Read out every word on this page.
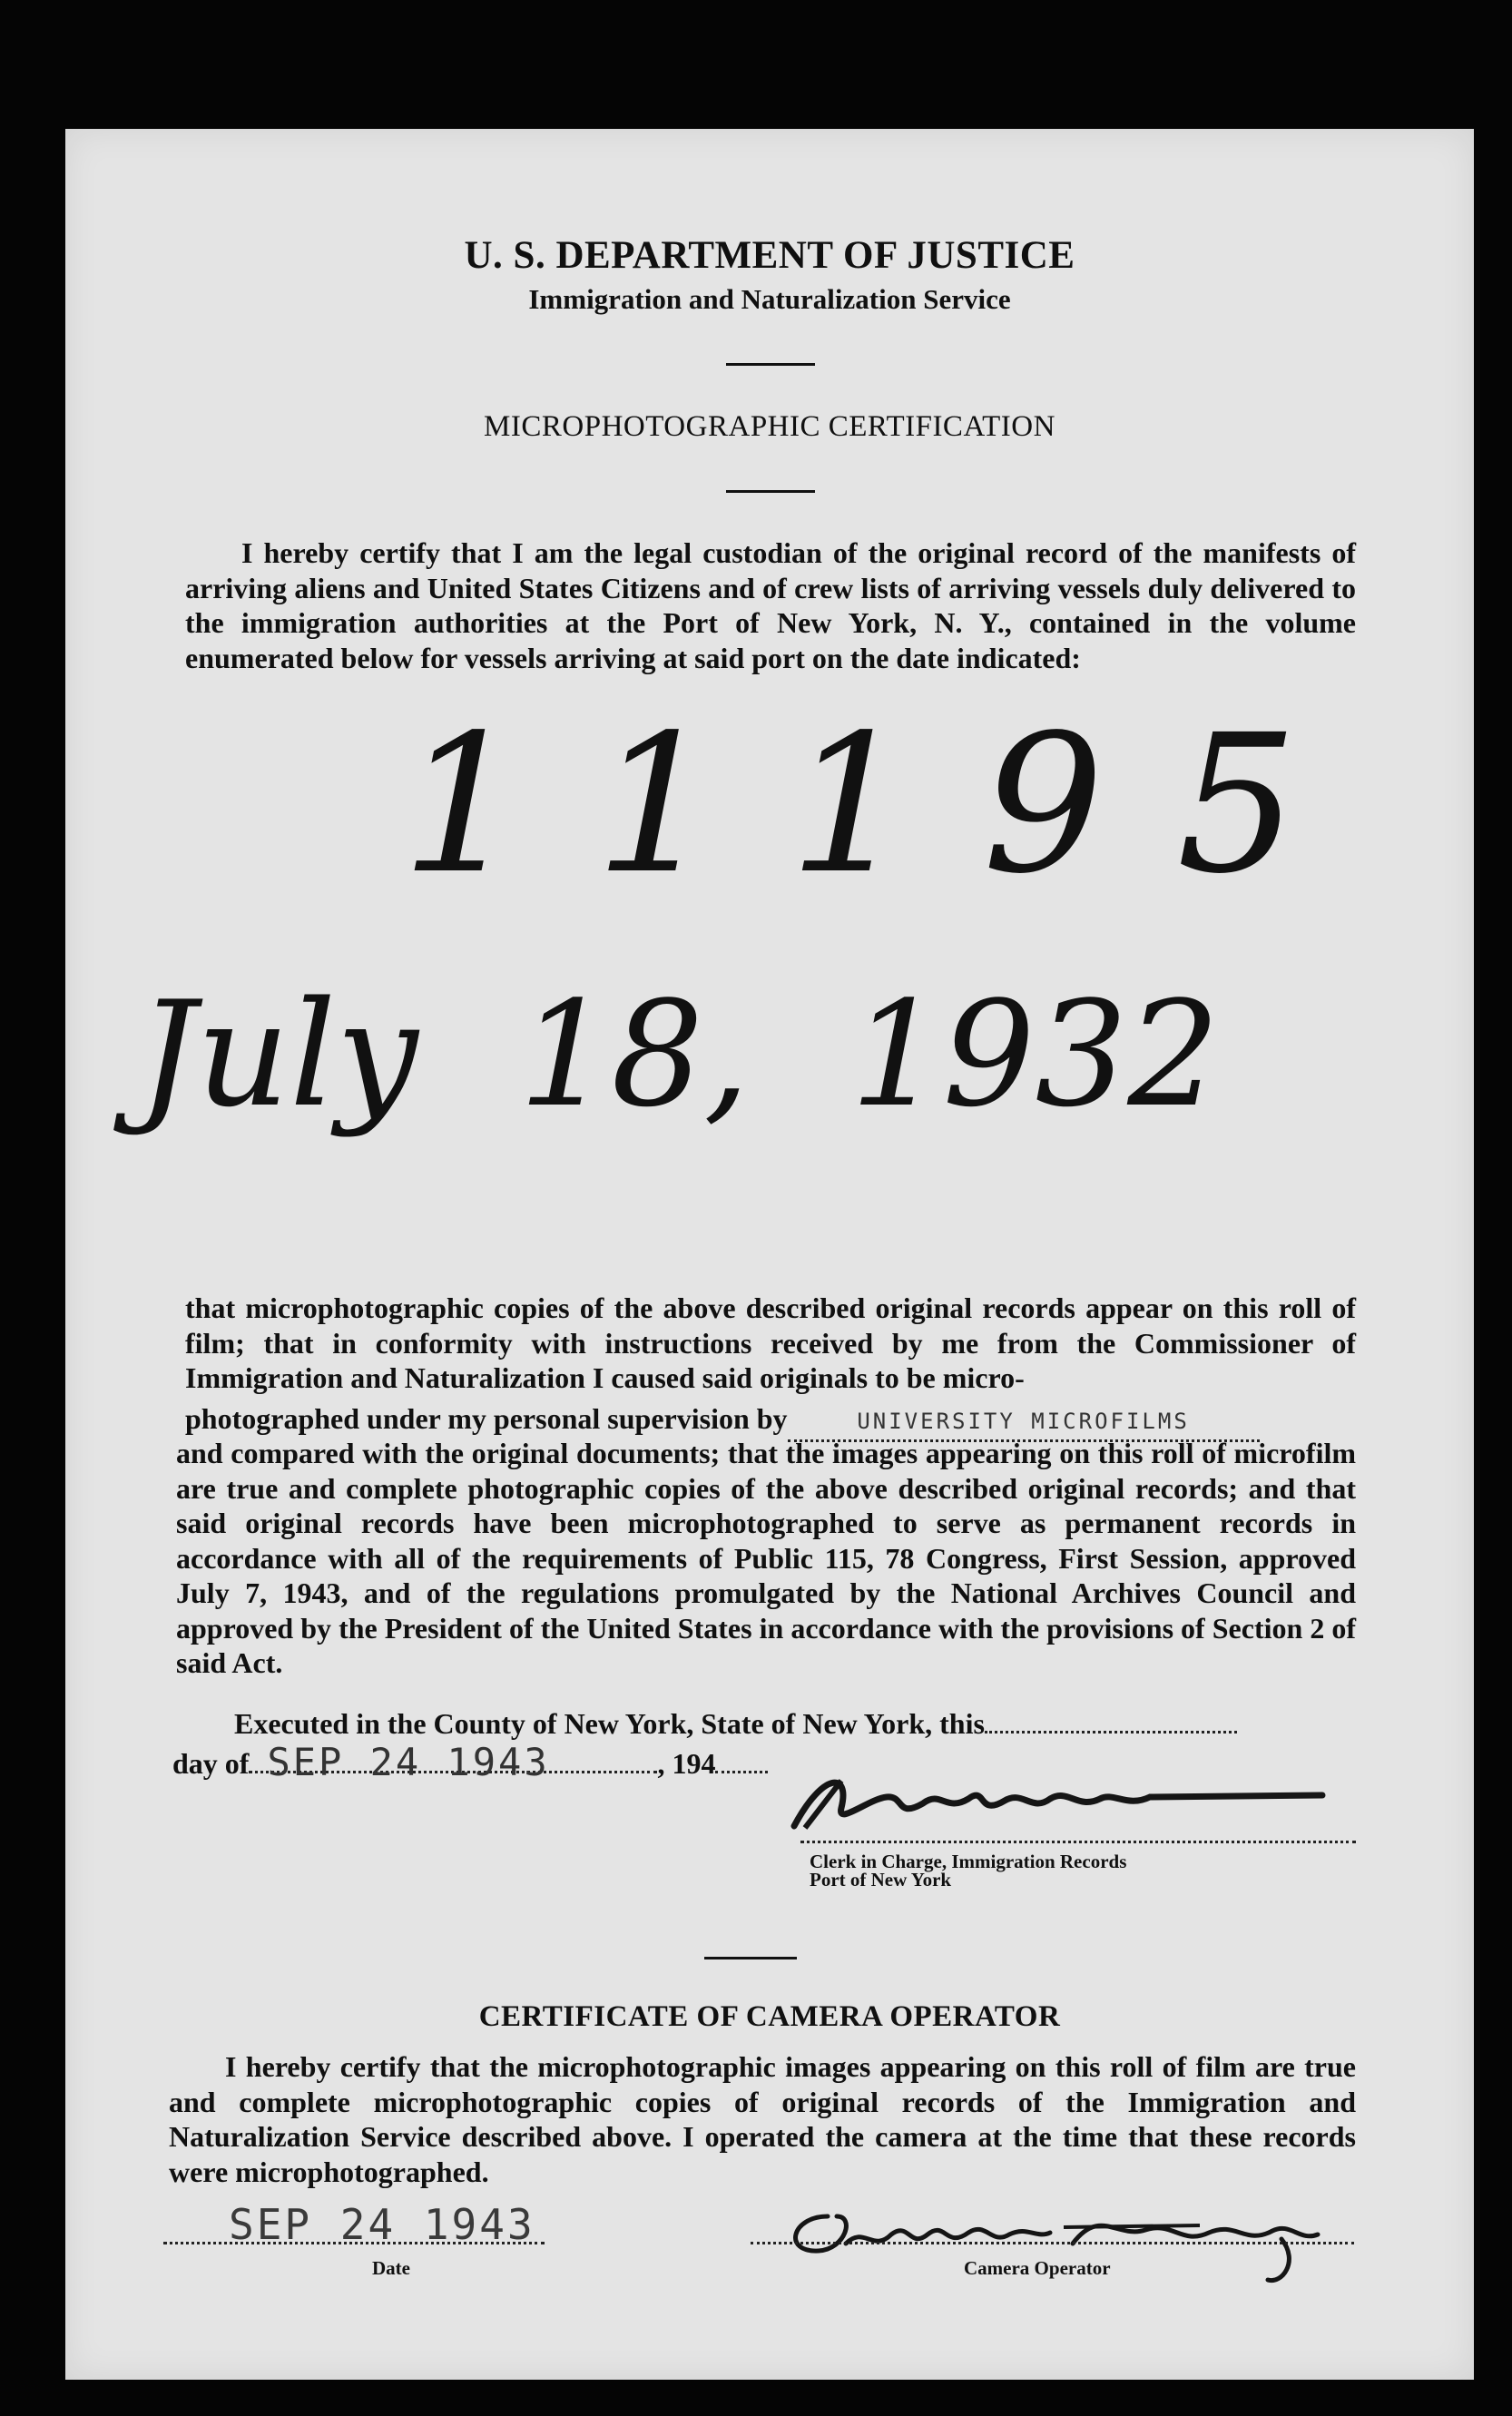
U. S. DEPARTMENT OF JUSTICE
Immigration and Naturalization Service
MICROPHOTOGRAPHIC CERTIFICATION
I hereby certify that I am the legal custodian of the original record of the manifests of arriving aliens and United States Citizens and of crew lists of arriving vessels duly delivered to the immigration authorities at the Port of New York, N. Y., contained in the volume enumerated below for vessels arriving at said port on the date indicated:
11195
July 18, 1932
that microphotographic copies of the above described original records appear on this roll of film; that in conformity with instructions received by me from the Commissioner of Immigration and Naturalization I caused said originals to be micro-
photographed under my personal supervision by	UNIVERSITY MICROFILMS
and compared with the original documents; that the images appearing on this roll of microfilm are true and complete photographic copies of the above described original records; and that said original records have been microphotographed to serve as permanent records in accordance with all of the requirements of Public 115, 78 Congress, First Session, approved July 7, 1943, and of the regulations promulgated by the National Archives Council and approved by the President of the United States in accordance with the provisions of Section 2 of said Act.
Executed in the County of New York, State of New York, this
day of SEP 24 1943	, 194
Clerk in Charge, Immigration Records
Port of New York
CERTIFICATE OF CAMERA OPERATOR
I hereby certify that the microphotographic images appearing on this roll of film are true and complete microphotographic copies of original records of the Immigration and Naturalization Service described above. I operated the camera at the time that these records were microphotographed.
SEP 24 1943
Date	Camera Operator
